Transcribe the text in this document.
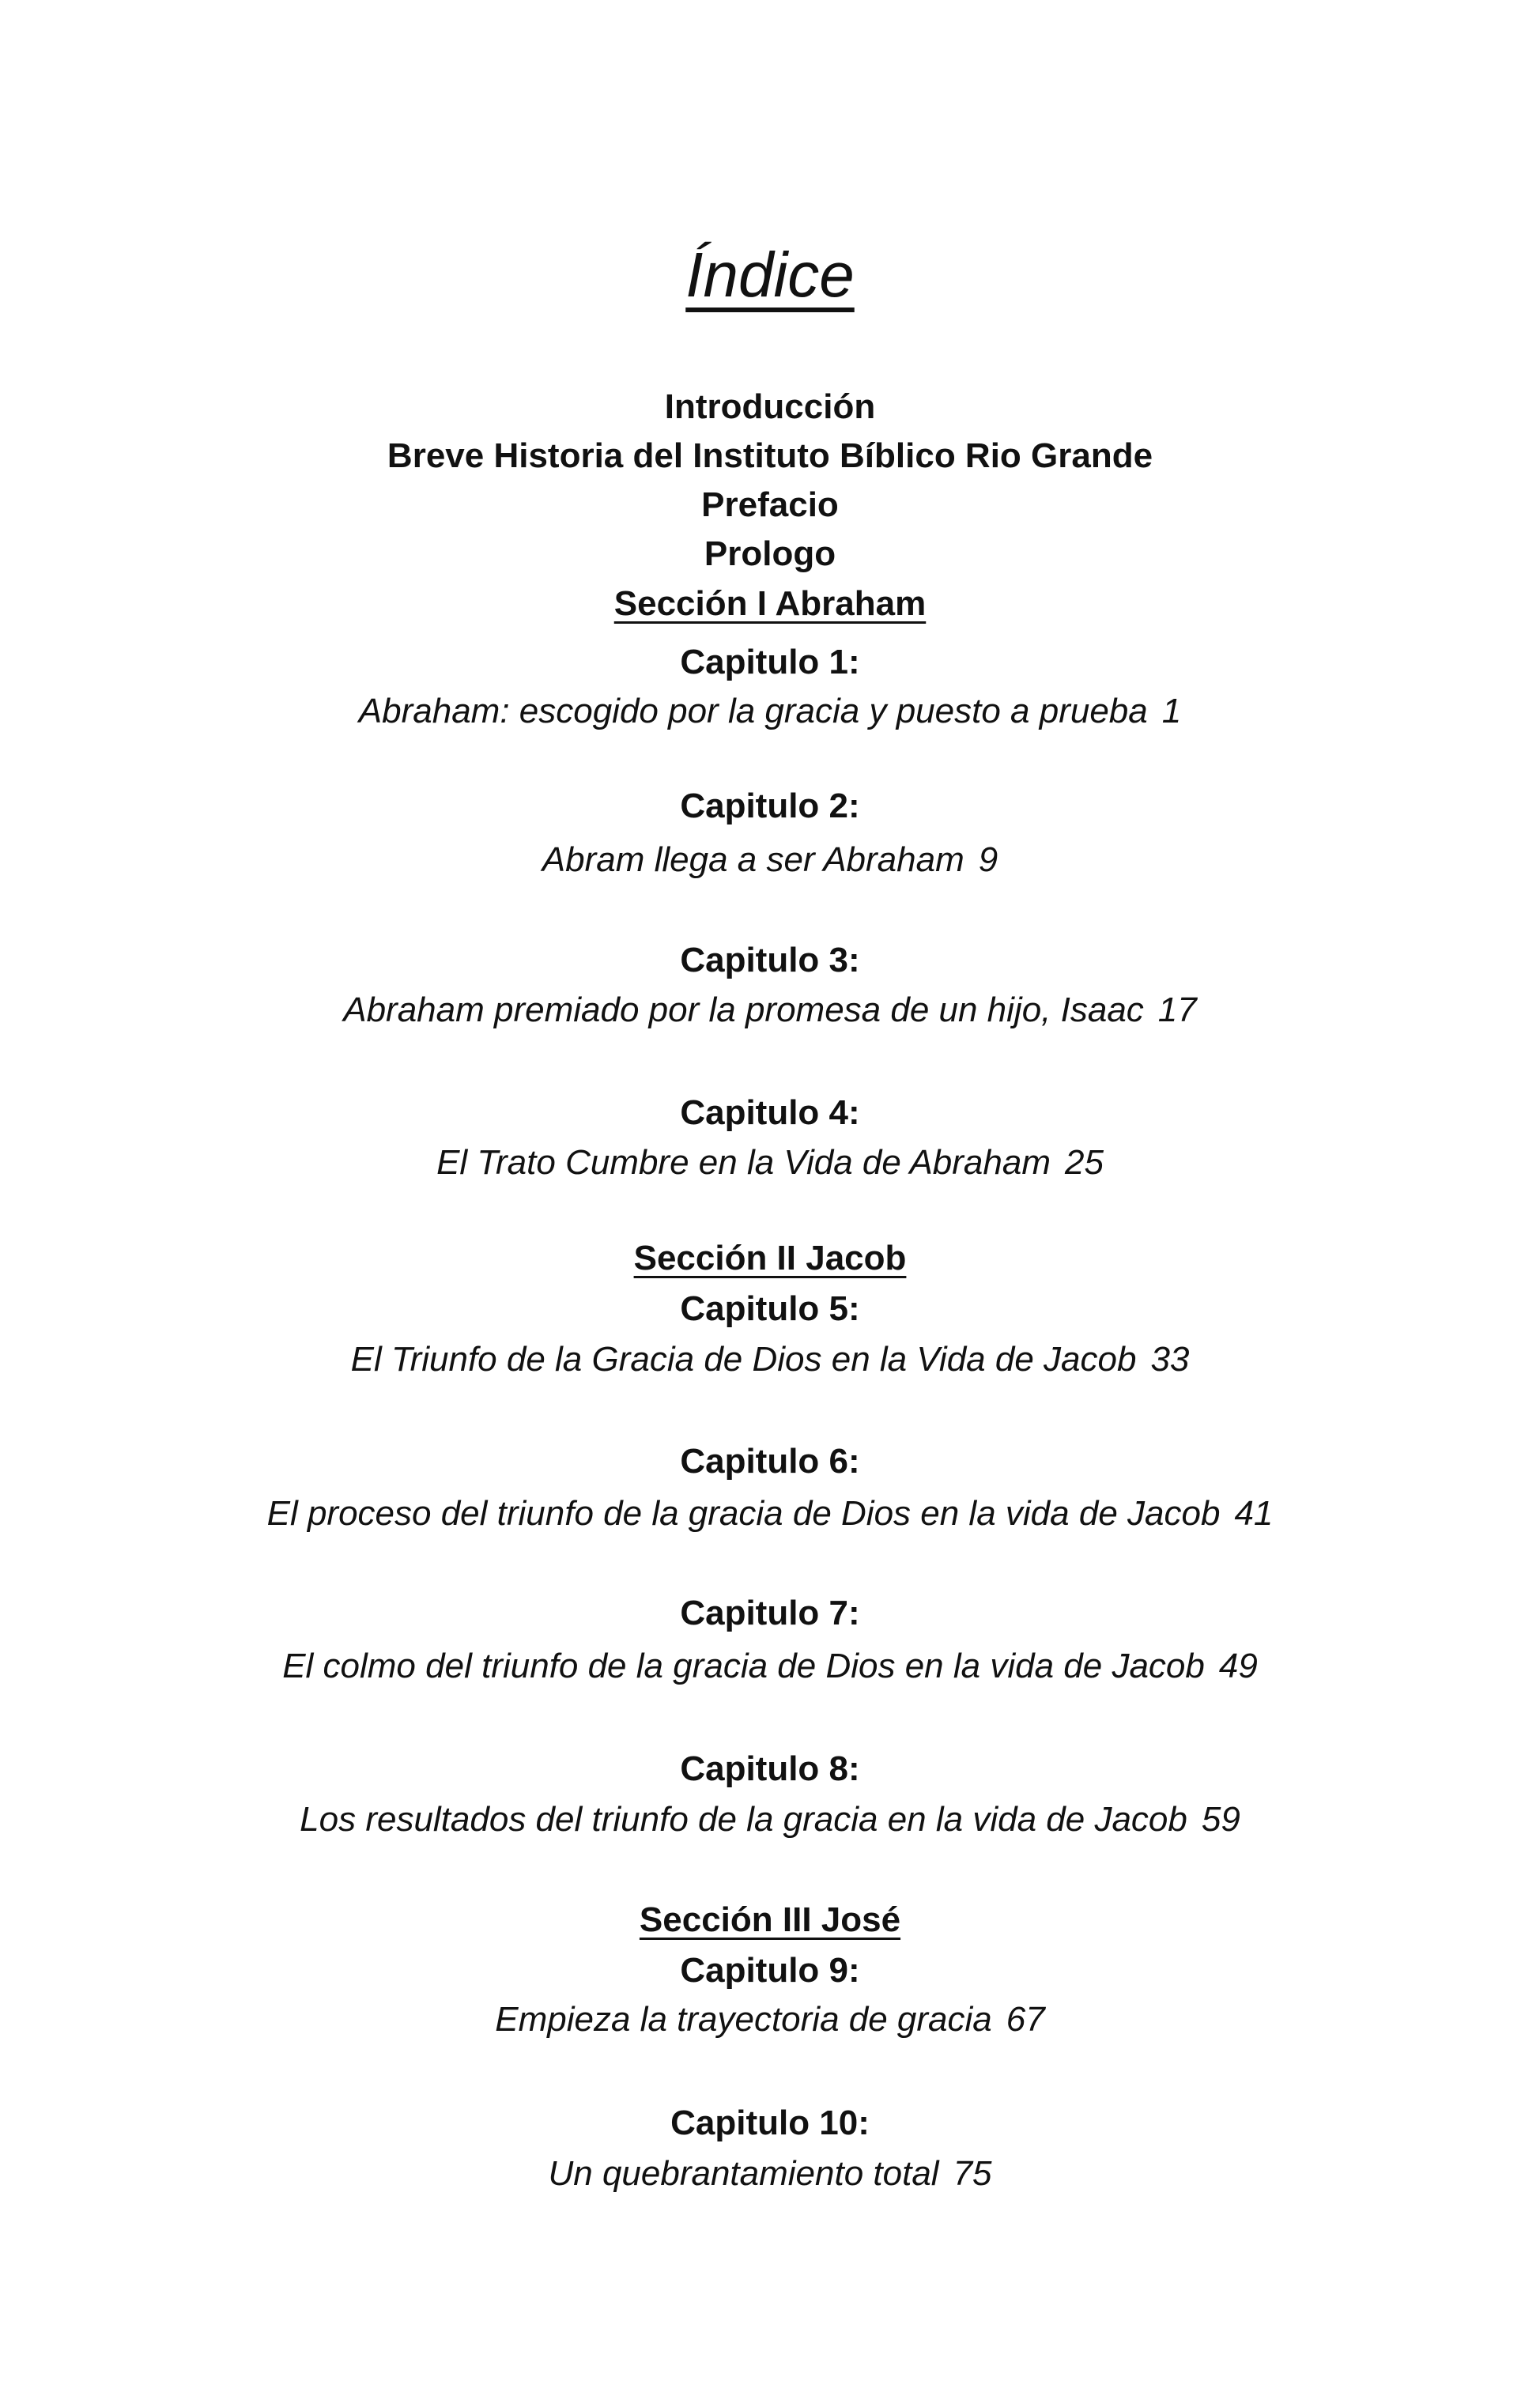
Índice
Introducción
Breve Historia del Instituto Bíblico Rio Grande
Prefacio
Prologo
Sección I Abraham
Capitulo 1:
Abraham: escogido por la gracia y puesto a prueba 1
Capitulo 2:
Abram llega a ser Abraham 9
Capitulo 3:
Abraham premiado por la promesa de un hijo, Isaac 17
Capitulo 4:
El Trato Cumbre en la Vida de Abraham 25
Sección II Jacob
Capitulo 5:
El Triunfo de la Gracia de Dios en la Vida de Jacob 33
Capitulo 6:
El proceso del triunfo de la gracia de Dios en la vida de Jacob 41
Capitulo 7:
El colmo del triunfo de la gracia de Dios en la vida de Jacob 49
Capitulo 8:
Los resultados del triunfo de la gracia en la vida de Jacob 59
Sección III José
Capitulo 9:
Empieza la trayectoria de gracia 67
Capitulo 10:
Un quebrantamiento total 75
